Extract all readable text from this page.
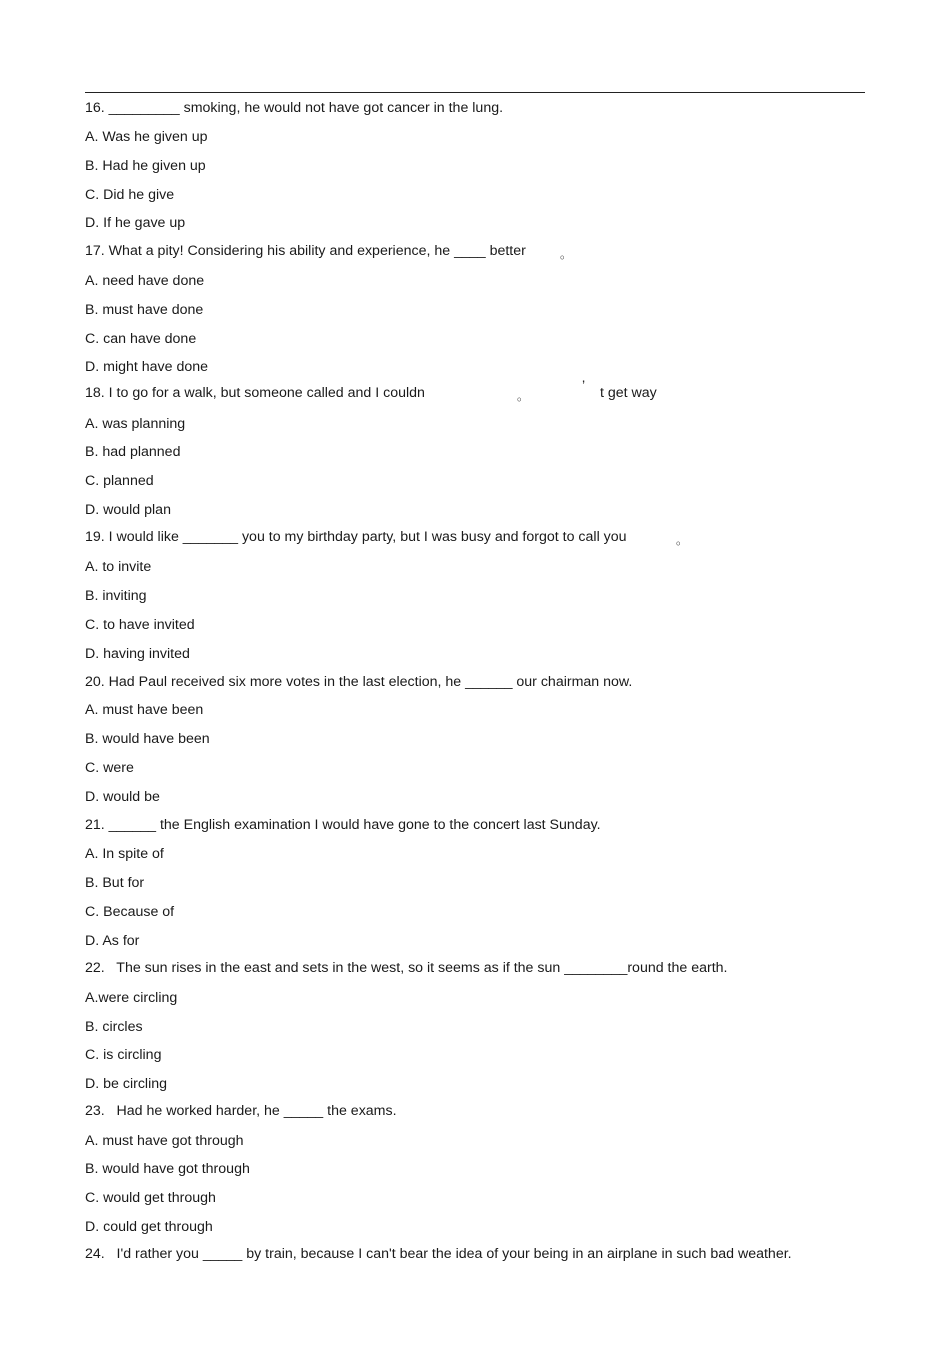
16. _________ smoking, he would not have got cancer in the lung.
A. Was he given up
B. Had he given up
C. Did he give
D. If he gave up
17. What a pity! Considering his ability and experience, he ____ better	。
A. need have done
B. must have done
C. can have done
D. might have done
18. I to go for a walk, but someone called and I couldn	。
’ t get way
A. was planning
B. had planned
C. planned
D. would plan
19. I would like _______ you to my birthday party, but I was busy and forgot to call you	。
A. to invite
B. inviting
C. to have invited
D. having invited
20. Had Paul received six more votes in the last election, he ______ our chairman now.
A. must have been
B. would have been
C. were
D. would be
21. ______ the English examination I would have gone to the concert last Sunday.
A. In spite of
B. But for
C. Because of
D. As for
22.   The sun rises in the east and sets in the west, so it seems as if the sun ________round the earth.
A.were circling
B. circles
C. is circling
D. be circling
23.   Had he worked harder, he _____ the exams.
A. must have got through
B. would have got through
C. would get through
D. could get through
24.   I'd rather you _____ by train, because I can't bear the idea of your being in an airplane in such bad weather.
